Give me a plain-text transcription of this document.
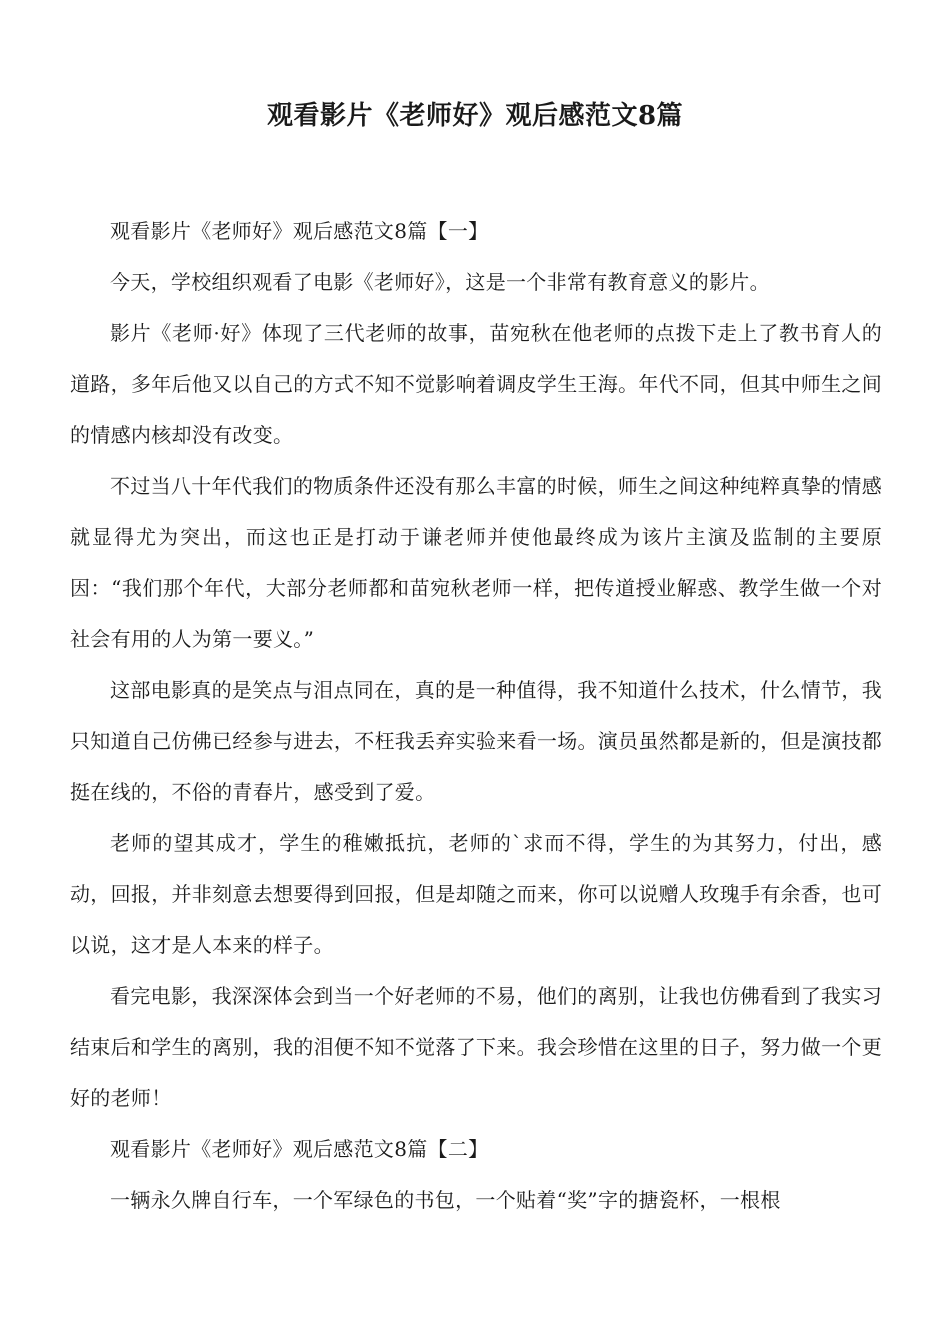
观看影片《老师好》观后感范文8篇

观看影片《老师好》观后感范文8篇【一】

今天，学校组织观看了电影《老师好》，这是一个非常有教育意义的影片。

影片《老师·好》体现了三代老师的故事，苗宛秋在他老师的点拨下走上了教书育人的道路，多年后他又以自己的方式不知不觉影响着调皮学生王海。年代不同，但其中师生之间的情感内核却没有改变。

不过当八十年代我们的物质条件还没有那么丰富的时候，师生之间这种纯粹真挚的情感就显得尤为突出，而这也正是打动于谦老师并使他最终成为该片主演及监制的主要原因：“我们那个年代，大部分老师都和苗宛秋老师一样，把传道授业解惑、教学生做一个对社会有用的人为第一要义。”

这部电影真的是笑点与泪点同在，真的是一种值得，我不知道什么技术，什么情节，我只知道自己仿佛已经参与进去，不枉我丢弃实验来看一场。演员虽然都是新的，但是演技都挺在线的，不俗的青春片，感受到了爱。

老师的望其成才，学生的稚嫩抵抗，老师的`求而不得，学生的为其努力，付出，感动，回报，并非刻意去想要得到回报，但是却随之而来，你可以说赠人玫瑰手有余香，也可以说，这才是人本来的样子。

看完电影，我深深体会到当一个好老师的不易，他们的离别，让我也仿佛看到了我实习结束后和学生的离别，我的泪便不知不觉落了下来。我会珍惜在这里的日子，努力做一个更好的老师！

观看影片《老师好》观后感范文8篇【二】

一辆永久牌自行车，一个军绿色的书包，一个贴着“奖”字的搪瓷杯，一根根
